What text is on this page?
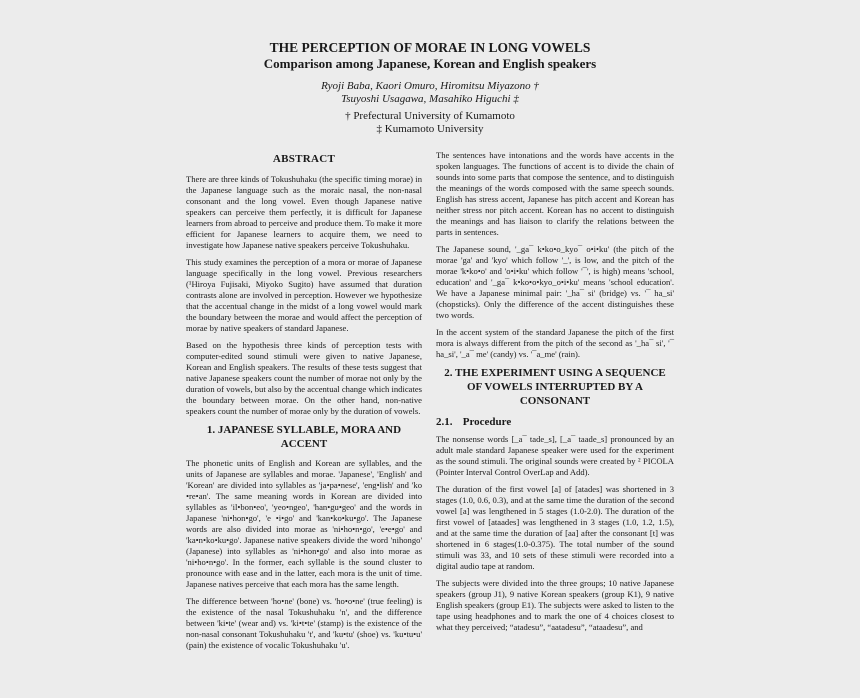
THE PERCEPTION OF MORAE IN LONG VOWELS
Comparison among Japanese, Korean and English speakers
Ryoji Baba, Kaori Omuro, Hiromitsu Miyazono †
Tsuyoshi Usagawa, Masahiko Higuchi ‡
† Prefectural University of Kumamoto
‡ Kumamoto University
ABSTRACT

There are three kinds of Tokushuhaku (the specific timing morae) in the Japanese language such as the moraic nasal, the non-nasal consonant and the long vowel. Even though Japanese native speakers can perceive them perfectly, it is difficult for Japanese learners from abroad to perceive and produce them. To make it more efficient for Japanese learners to acquire them, we need to investigate how Japanese native speakers perceive Tokushuhaku.

This study examines the perception of a mora or morae of Japanese language specifically in the long vowel. Previous researchers (¹Hiroya Fujisaki, Miyoko Sugito) have assumed that duration contrasts alone are involved in perception. However we hypothesize that the accentual change in the midst of a long vowel would mark the boundary between the morae and would affect the perception of morae by native speakers of standard Japanese.

Based on the hypothesis three kinds of perception tests with computer-edited sound stimuli were given to native Japanese, Korean and English speakers. The results of these tests suggest that native Japanese speakers count the number of morae not only by the duration of vowels, but also by the accentual change which indicates the boundary between morae. On the other hand, non-native speakers count the number of morae only by the duration of vowels.

1. JAPANESE SYLLABLE, MORA AND ACCENT

The phonetic units of English and Korean are syllables, and the units of Japanese are syllables and morae. 'Japanese', 'English' and 'Korean' are divided into syllables as 'ja•pa•nese', 'eng•lish' and 'ko •re•an'. The same meaning words in Korean are divided into syllables as 'il•bon•eo', 'yeo•ngeo', 'han•gu•geo' and the words in Japanese 'ni•hon•go', 'e •i•go' and 'kan•ko•ku•go'. The Japanese words are also divided into morae as 'ni•ho•n•go', 'e•e•go' and 'ka•n•ko•ku•go'. Japanese native speakers divide the word 'nihongo' (Japanese) into syllables as 'ni•hon•go' and also into morae as 'ni•ho•n•go'. In the former, each syllable is the sound cluster to pronounce with ease and in the latter, each mora is the unit of time. Japanese natives perceive that each mora has the same length.

The difference between 'ho•ne' (bone) vs. 'ho•o•ne' (true feeling) is the existence of the nasal Tokushuhaku 'n', and the difference between 'ki•te' (wear and) vs. 'ki•t•te' (stamp) is the existence of the non-nasal consonant Tokushuhaku 't', and 'ku•tu' (shoe) vs. 'ku•tu•u' (pain) the existence of vocalic Tokushuhaku 'u'.

The sentences have intonations and the words have accents in the spoken languages. The functions of accent is to divide the chain of sounds into some parts that compose the sentence, and to distinguish the meanings of the words composed with the same speech sounds. English has stress accent, Japanese has pitch accent and Korean has neither stress nor pitch accent. Korean has no accent to distinguish the meanings and has liaison to clarify the relations between the parts in sentences.

The Japanese sound, '_ga¯ k•ko•o_kyo¯ o•i•ku' (the pitch of the morae 'ga' and 'kyo' which follow '_', is low, and the pitch of the morae 'k•ko•o' and 'o•i•ku' which follow '¯', is high) means 'school, education' and '_ga¯ k•ko•o•kyo_o•i•ku' means 'school education'. We have a Japanese minimal pair: '_ha¯ si' (bridge) vs. '¯ ha_si' (chopsticks). Only the difference of the accent distinguishes these two words.

In the accent system of the standard Japanese the pitch of the first mora is always different from the pitch of the second as '_ha¯ si', '¯ ha_si', '_a¯ me' (candy) vs. '¯a_me' (rain).

2. THE EXPERIMENT USING A SEQUENCE OF VOWELS INTERRUPTED BY A CONSONANT
2.1. Procedure

The nonsense words [_a¯ tade_s], [_a¯ taade_s] pronounced by an adult male standard Japanese speaker were used for the experiment as the sound stimuli. The original sounds were created by ² PICOLA (Pointer Interval Control OverLap and Add).

The duration of the first vowel [a] of [atades] was shortened in 3 stages (1.0, 0.6, 0.3), and at the same time the duration of the second vowel [a] was lengthened in 5 stages (1.0-2.0). The duration of the first vowel of [ataades] was lengthened in 3 stages (1.0, 1.2, 1.5), and at the same time the duration of [aa] after the consonant [t] was shortened in 6 stages(1.0-0.375). The total number of the sound stimuli was 33, and 10 sets of these stimuli were recorded into a digital audio tape at random.

The subjects were divided into the three groups; 10 native Japanese speakers (group J1), 9 native Korean speakers (group K1), 9 native English speakers (group E1). The subjects were asked to listen to the tape using headphones and to mark the one of 4 choices closest to what they perceived; “atadesu”, “aatadesu”, “ataadesu”, and
